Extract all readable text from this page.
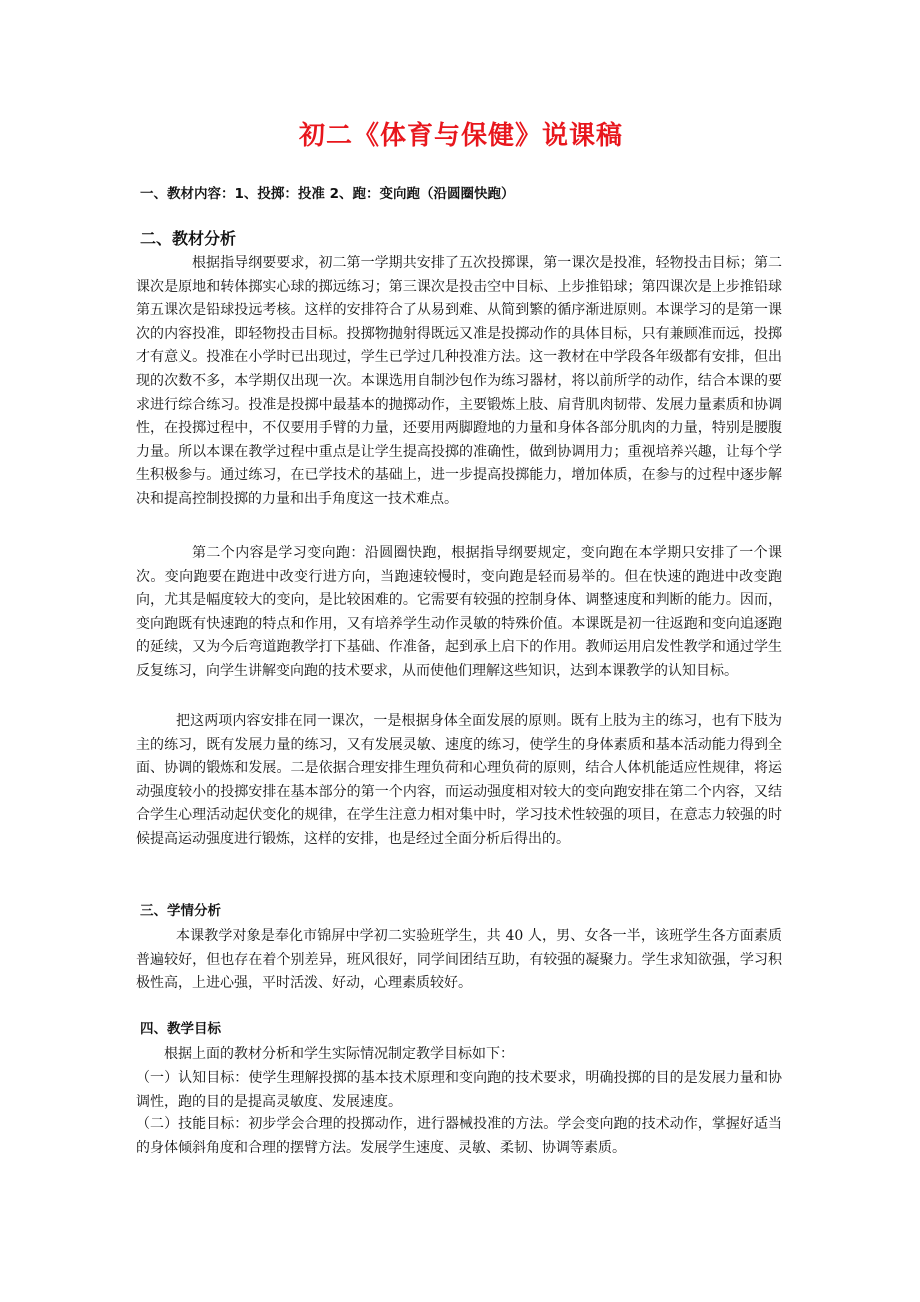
初二《体育与保健》说课稿
一、教材内容：1、投掷：投准 2、跑：变向跑（沿圆圈快跑）
二、教材分析

根据指导纲要要求，初二第一学期共安排了五次投掷课，第一课次是投准，轻物投击目标；第二课次是原地和转体掷实心球的掷远练习；第三课次是投击空中目标、上步推铅球；第四课次是上步推铅球 第五课次是铅球投远考核。这样的安排符合了从易到难、从简到繁的循序渐进原则。本课学习的是第一课次的内容投准，即轻物投击目标。投掷物抛射得既远又准是投掷动作的具体目标，只有兼顾准而远，投掷才有意义。投准在小学时已出现过，学生已学过几种投准方法。这一教材在中学段各年级都有安排，但出现的次数不多，本学期仅出现一次。本课选用自制沙包作为练习器材，将以前所学的动作，结合本课的要求进行综合练习。投准是投掷中最基本的抛掷动作，主要锻炼上肢、肩背肌肉韧带、发展力量素质和协调性，在投掷过程中，不仅要用手臂的力量，还要用两脚蹬地的力量和身体各部分肌肉的力量，特别是腰腹力量。所以本课在教学过程中重点是让学生提高投掷的准确性，做到协调用力；重视培养兴趣，让每个学生积极参与。通过练习，在已学技术的基础上，进一步提高投掷能力，增加体质，在参与的过程中逐步解决和提高控制投掷的力量和出手角度这一技术难点。

第二个内容是学习变向跑：沿圆圈快跑，根据指导纲要规定，变向跑在本学期只安排了一个课次。变向跑要在跑进中改变行进方向，当跑速较慢时，变向跑是轻而易举的。但在快速的跑进中改变跑向，尤其是幅度较大的变向，是比较困难的。它需要有较强的控制身体、调整速度和判断的能力。因而，变向跑既有快速跑的特点和作用，又有培养学生动作灵敏的特殊价值。本课既是初一往返跑和变向追逐跑的延续，又为今后弯道跑教学打下基础、作准备，起到承上启下的作用。教师运用启发性教学和通过学生反复练习，向学生讲解变向跑的技术要求，从而使他们理解这些知识，达到本课教学的认知目标。

把这两项内容安排在同一课次，一是根据身体全面发展的原则。既有上肢为主的练习，也有下肢为主的练习，既有发展力量的练习，又有发展灵敏、速度的练习，使学生的身体素质和基本活动能力得到全面、协调的锻炼和发展。二是依据合理安排生理负荷和心理负荷的原则，结合人体机能适应性规律，将运动强度较小的投掷安排在基本部分的第一个内容，而运动强度相对较大的变向跑安排在第二个内容，又结合学生心理活动起伏变化的规律，在学生注意力相对集中时，学习技术性较强的项目，在意志力较强的时候提高运动强度进行锻炼，这样的安排，也是经过全面分析后得出的。

三、学情分析

本课教学对象是奉化市锦屏中学初二实验班学生，共 40 人，男、女各一半，该班学生各方面素质普遍较好，但也存在着个别差异，班风很好，同学间团结互助，有较强的凝聚力。学生求知欲强，学习积极性高，上进心强，平时活泼、好动，心理素质较好。

四、教学目标

根据上面的教材分析和学生实际情况制定教学目标如下：

（一）认知目标：使学生理解投掷的基本技术原理和变向跑的技术要求，明确投掷的目的是发展力量和协调性，跑的目的是提高灵敏度、发展速度。

（二）技能目标：初步学会合理的投掷动作，进行器械投准的方法。学会变向跑的技术动作，掌握好适当的身体倾斜角度和合理的摆臂方法。发展学生速度、灵敏、柔韧、协调等素质。
